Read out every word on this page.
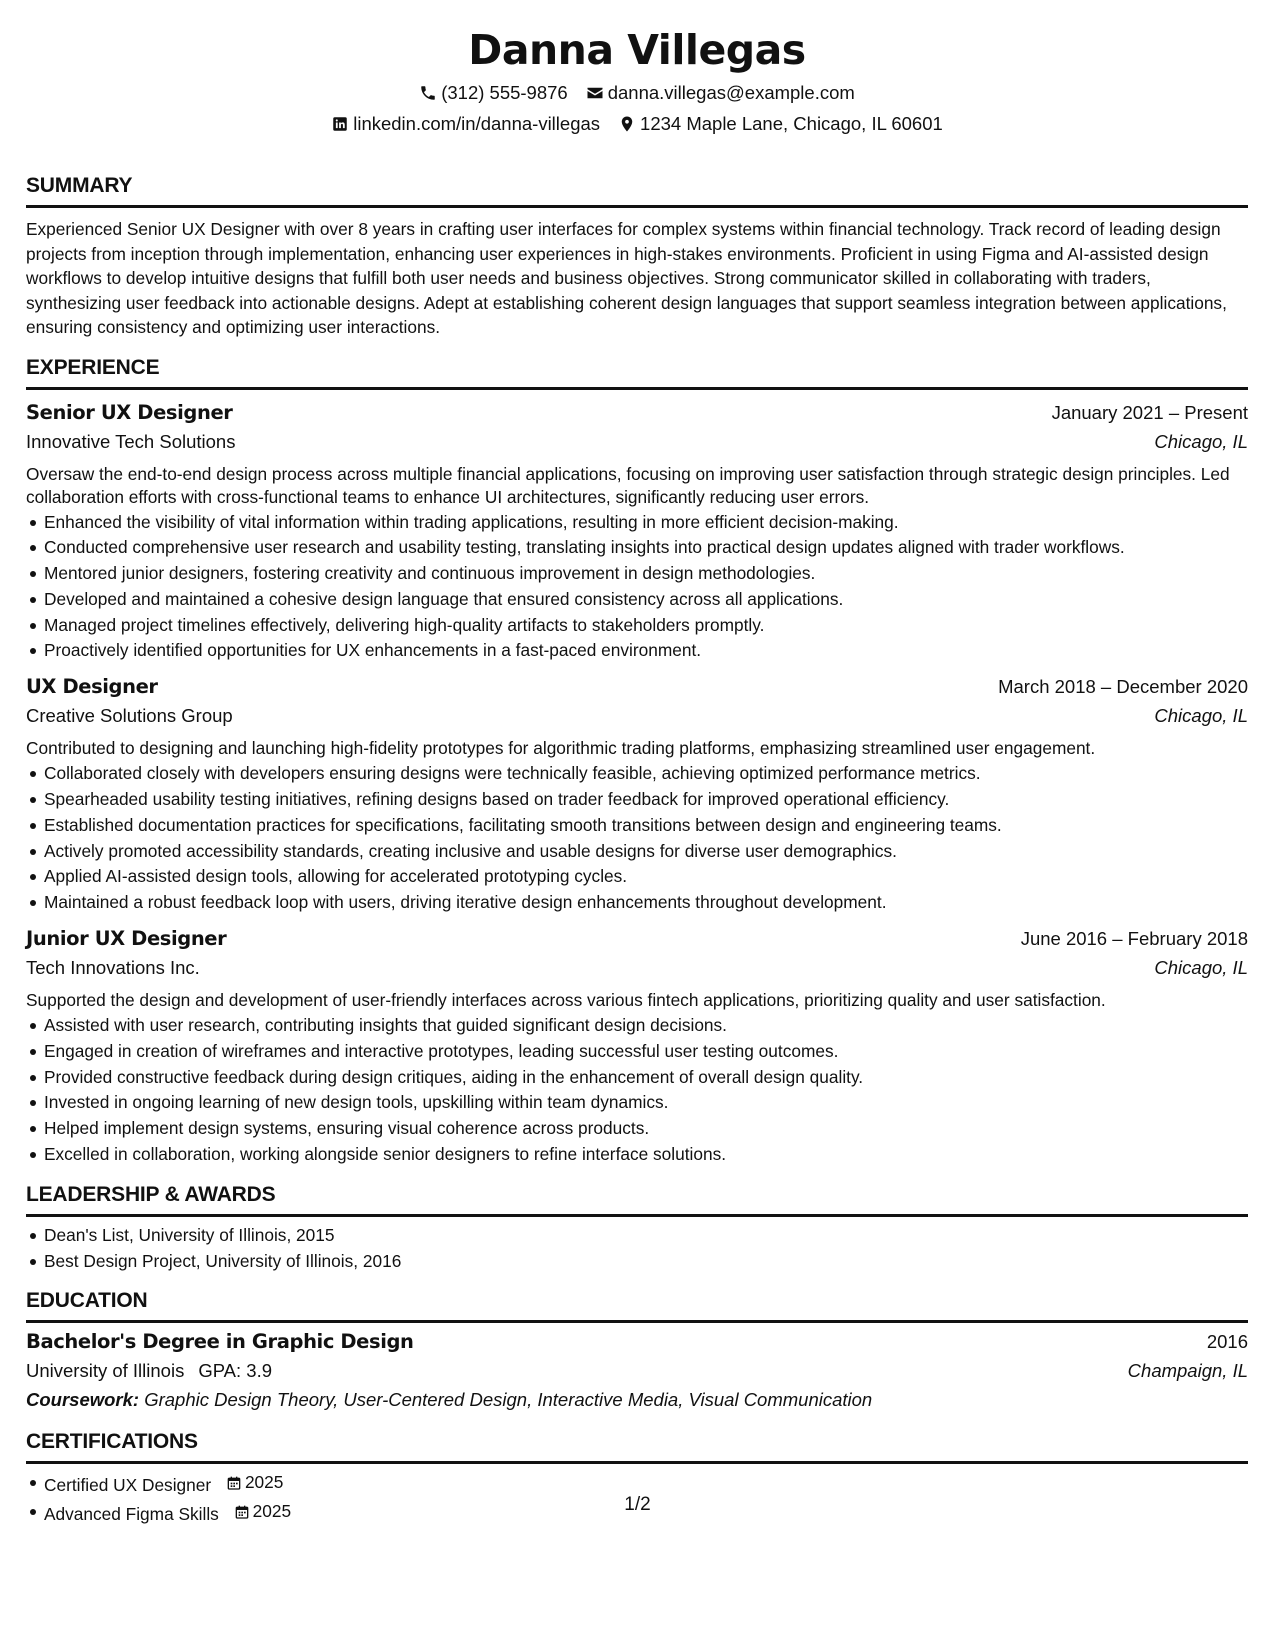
Danna Villegas
(312) 555-9876 danna.villegas@example.com
linkedin.com/in/danna-villegas 1234 Maple Lane, Chicago, IL 60601
SUMMARY
Experienced Senior UX Designer with over 8 years in crafting user interfaces for complex systems within financial technology. Track record of leading design projects from inception through implementation, enhancing user experiences in high-stakes environments. Proficient in using Figma and AI-assisted design workflows to develop intuitive designs that fulfill both user needs and business objectives. Strong communicator skilled in collaborating with traders, synthesizing user feedback into actionable designs. Adept at establishing coherent design languages that support seamless integration between applications, ensuring consistency and optimizing user interactions.
EXPERIENCE
Senior UX Designer	January 2021 – Present
Innovative Tech Solutions	Chicago, IL
Oversaw the end-to-end design process across multiple financial applications, focusing on improving user satisfaction through strategic design principles. Led collaboration efforts with cross-functional teams to enhance UI architectures, significantly reducing user errors.
Enhanced the visibility of vital information within trading applications, resulting in more efficient decision-making.
Conducted comprehensive user research and usability testing, translating insights into practical design updates aligned with trader workflows.
Mentored junior designers, fostering creativity and continuous improvement in design methodologies.
Developed and maintained a cohesive design language that ensured consistency across all applications.
Managed project timelines effectively, delivering high-quality artifacts to stakeholders promptly.
Proactively identified opportunities for UX enhancements in a fast-paced environment.
UX Designer	March 2018 – December 2020
Creative Solutions Group	Chicago, IL
Contributed to designing and launching high-fidelity prototypes for algorithmic trading platforms, emphasizing streamlined user engagement.
Collaborated closely with developers ensuring designs were technically feasible, achieving optimized performance metrics.
Spearheaded usability testing initiatives, refining designs based on trader feedback for improved operational efficiency.
Established documentation practices for specifications, facilitating smooth transitions between design and engineering teams.
Actively promoted accessibility standards, creating inclusive and usable designs for diverse user demographics.
Applied AI-assisted design tools, allowing for accelerated prototyping cycles.
Maintained a robust feedback loop with users, driving iterative design enhancements throughout development.
Junior UX Designer	June 2016 – February 2018
Tech Innovations Inc.	Chicago, IL
Supported the design and development of user-friendly interfaces across various fintech applications, prioritizing quality and user satisfaction.
Assisted with user research, contributing insights that guided significant design decisions.
Engaged in creation of wireframes and interactive prototypes, leading successful user testing outcomes.
Provided constructive feedback during design critiques, aiding in the enhancement of overall design quality.
Invested in ongoing learning of new design tools, upskilling within team dynamics.
Helped implement design systems, ensuring visual coherence across products.
Excelled in collaboration, working alongside senior designers to refine interface solutions.
LEADERSHIP & AWARDS
Dean's List, University of Illinois, 2015
Best Design Project, University of Illinois, 2016
EDUCATION
Bachelor's Degree in Graphic Design	2016
University of Illinois GPA: 3.9	Champaign, IL
Coursework: Graphic Design Theory, User-Centered Design, Interactive Media, Visual Communication
CERTIFICATIONS
Certified UX Designer 2025
Advanced Figma Skills 2025	1/2
